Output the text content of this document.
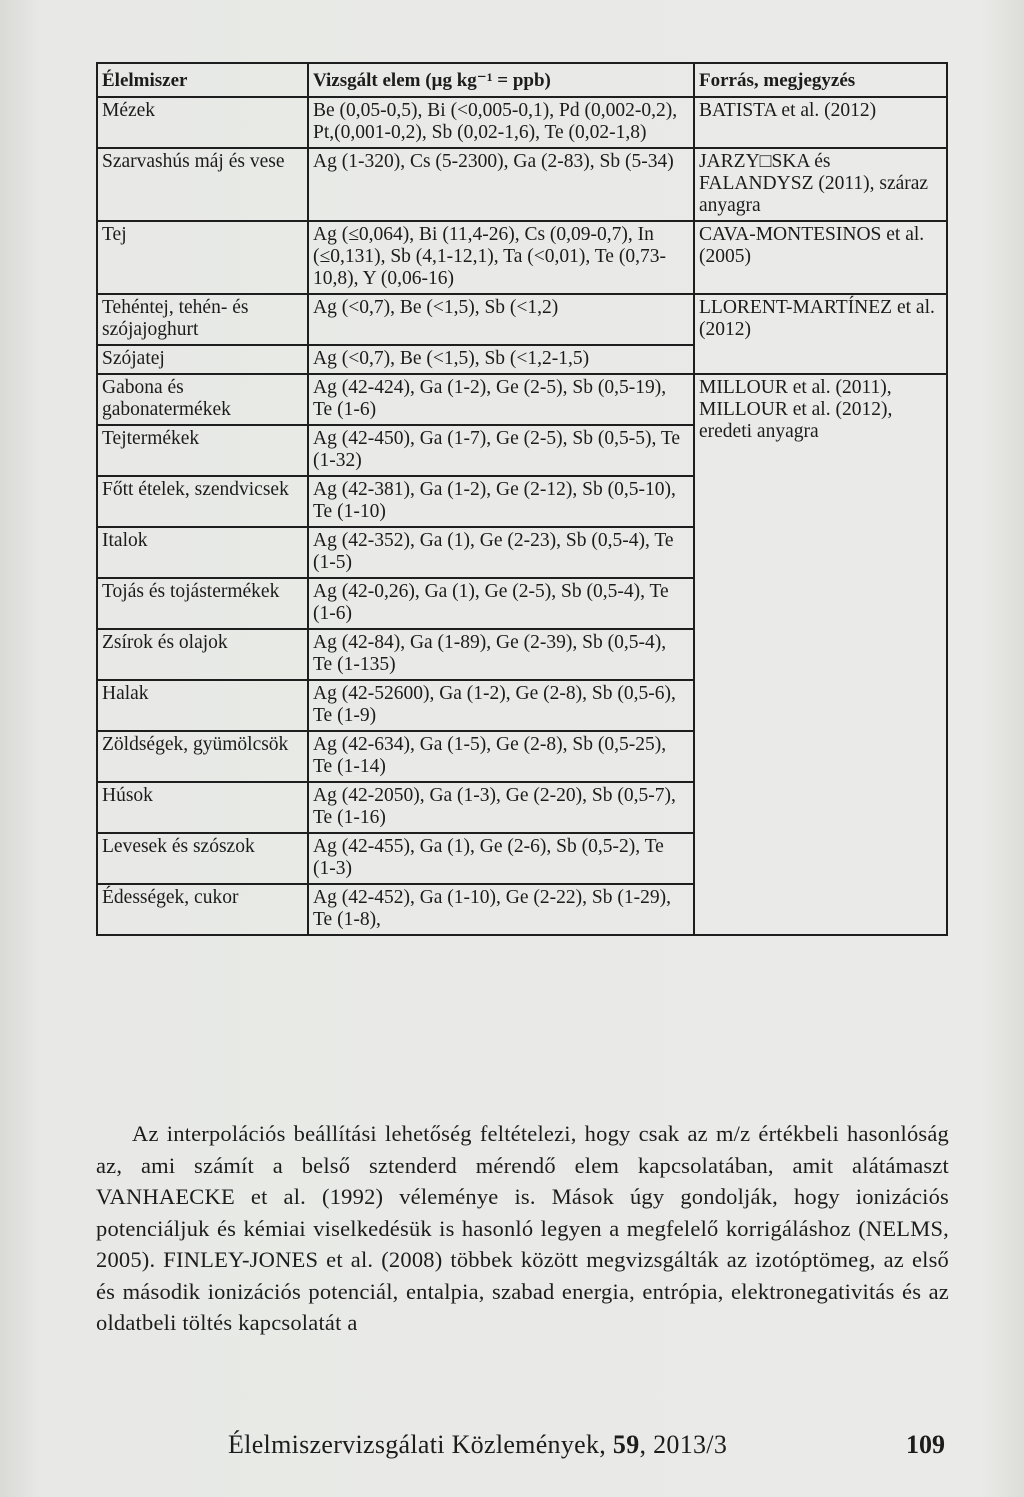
Élelmiszer	Vizsgált elem (µg kg⁻¹ = ppb)	Forrás, megjegyzés
Mézek	Be (0,05-0,5), Bi (<0,005-0,1), Pd (0,002-0,2), Pt,(0,001-0,2), Sb (0,02-1,6), Te (0,02-1,8)	BATISTA et al. (2012)
Szarvashús máj és vese	Ag (1-320), Cs (5-2300), Ga (2-83), Sb (5-34)	JARZY□SKA és FALANDYSZ (2011), száraz anyagra
Tej	Ag (≤0,064), Bi (11,4-26), Cs (0,09-0,7), In (≤0,131), Sb (4,1-12,1), Ta (<0,01), Te (0,73-10,8), Y (0,06-16)	CAVA-MONTESINOS et al. (2005)
Tehéntej, tehén- és szójajoghurt	Ag (<0,7), Be (<1,5), Sb (<1,2)	LLORENT-MARTÍNEZ et al. (2012)
Szójatej	Ag (<0,7), Be (<1,5), Sb (<1,2-1,5)	
Gabona és gabonatermékek	Ag (42-424), Ga (1-2), Ge (2-5), Sb (0,5-19), Te (1-6)	MILLOUR et al. (2011), MILLOUR et al. (2012), eredeti anyagra
Tejtermékek	Ag (42-450), Ga (1-7), Ge (2-5), Sb (0,5-5), Te (1-32)	
Főtt ételek, szendvicsek	Ag (42-381), Ga (1-2), Ge (2-12), Sb (0,5-10), Te (1-10)	
Italok	Ag (42-352), Ga (1), Ge (2-23), Sb (0,5-4), Te (1-5)	
Tojás és tojástermékek	Ag (42-0,26), Ga (1), Ge (2-5), Sb (0,5-4), Te (1-6)	
Zsírok és olajok	Ag (42-84), Ga (1-89), Ge (2-39), Sb (0,5-4), Te (1-135)	
Halak	Ag (42-52600), Ga (1-2), Ge (2-8), Sb (0,5-6), Te (1-9)	
Zöldségek, gyümölcsök	Ag (42-634), Ga (1-5), Ge (2-8), Sb (0,5-25), Te (1-14)	
Húsok	Ag (42-2050), Ga (1-3), Ge (2-20), Sb (0,5-7), Te (1-16)	
Levesek és szószok	Ag (42-455), Ga (1), Ge (2-6), Sb (0,5-2), Te (1-3)	
Édességek, cukor	Ag (42-452), Ga (1-10), Ge (2-22), Sb (1-29), Te (1-8),	

Az interpolációs beállítási lehetőség feltételezi, hogy csak az m/z értékbeli hasonlóság az, ami számít a belső sztenderd mérendő elem kapcsolatában, amit alátámaszt VANHAECKE et al. (1992) véleménye is. Mások úgy gondolják, hogy ionizációs potenciáljuk és kémiai viselkedésük is hasonló legyen a megfelelő korrigáláshoz (NELMS, 2005). FINLEY-JONES et al. (2008) többek között megvizsgálták az izotóptömeg, az első és második ionizációs potenciál, entalpia, szabad energia, entrópia, elektronegativitás és az oldatbeli töltés kapcsolatát a

Élelmiszervizsgálati Közlemények, 59, 2013/3	109
